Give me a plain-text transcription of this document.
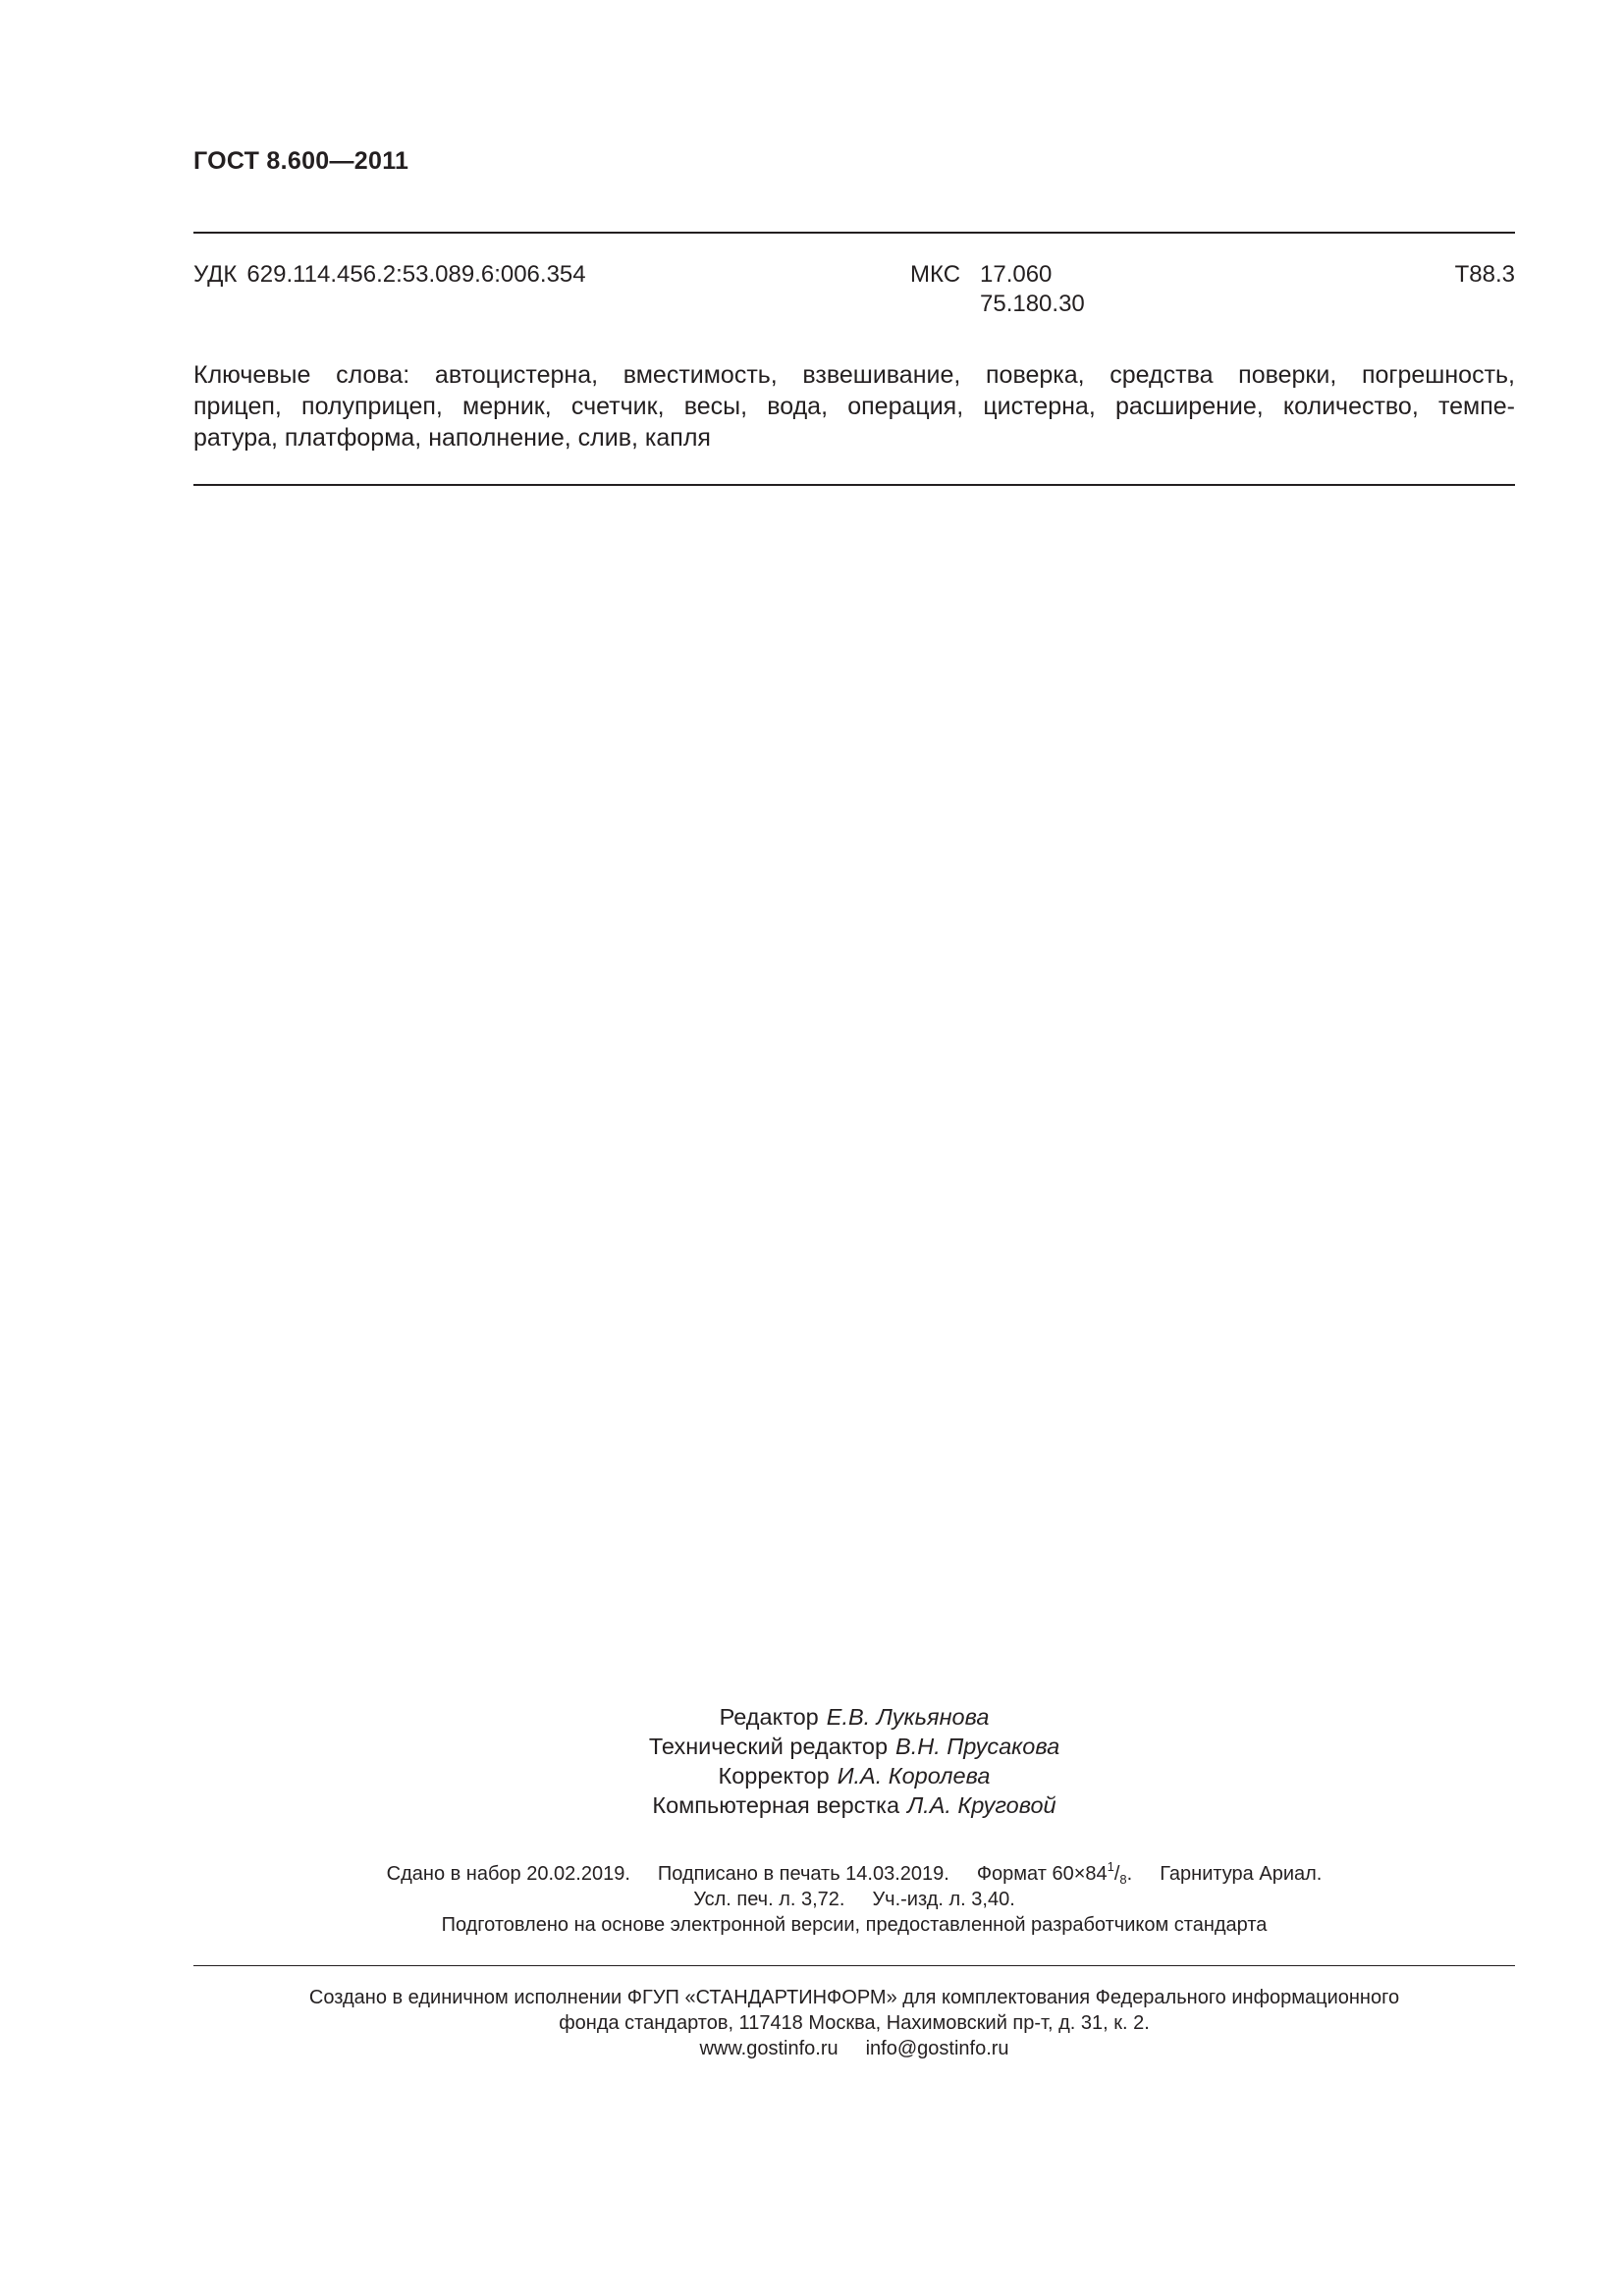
ГОСТ 8.600—2011
УДК 629.114.456.2:53.089.6:006.354	МКС 17.060
75.180.30
Т88.3
Ключевые слова: автоцистерна, вместимость, взвешивание, поверка, средства поверки, погрешность,
прицеп, полуприцеп, мерник, счетчик, весы, вода, операция, цистерна, расширение, количество, темпе-
ратура, платформа, наполнение, слив, капля
Редактор Е.В. Лукьянова
Технический редактор В.Н. Прусакова
Корректор И.А. Королева
Компьютерная верстка Л.А. Круговой
Сдано в набор 20.02.2019. Подписано в печать 14.03.2019. Формат $60\times 84^1/_8$. Гарнитура Ариал.
Усл. печ. л. 3,72. Уч.-изд. л. 3,40.
Подготовлено на основе электронной версии, предоставленной разработчиком стандарта
Создано в единичном исполнении ФГУП «СТАНДАРТИНФОРМ» для комплектования Федерального информационного
фонда стандартов, 117418 Москва, Нахимовский пр-т, д. 31, к. 2.
www.gostinfo.ru info@gostinfo.ru
